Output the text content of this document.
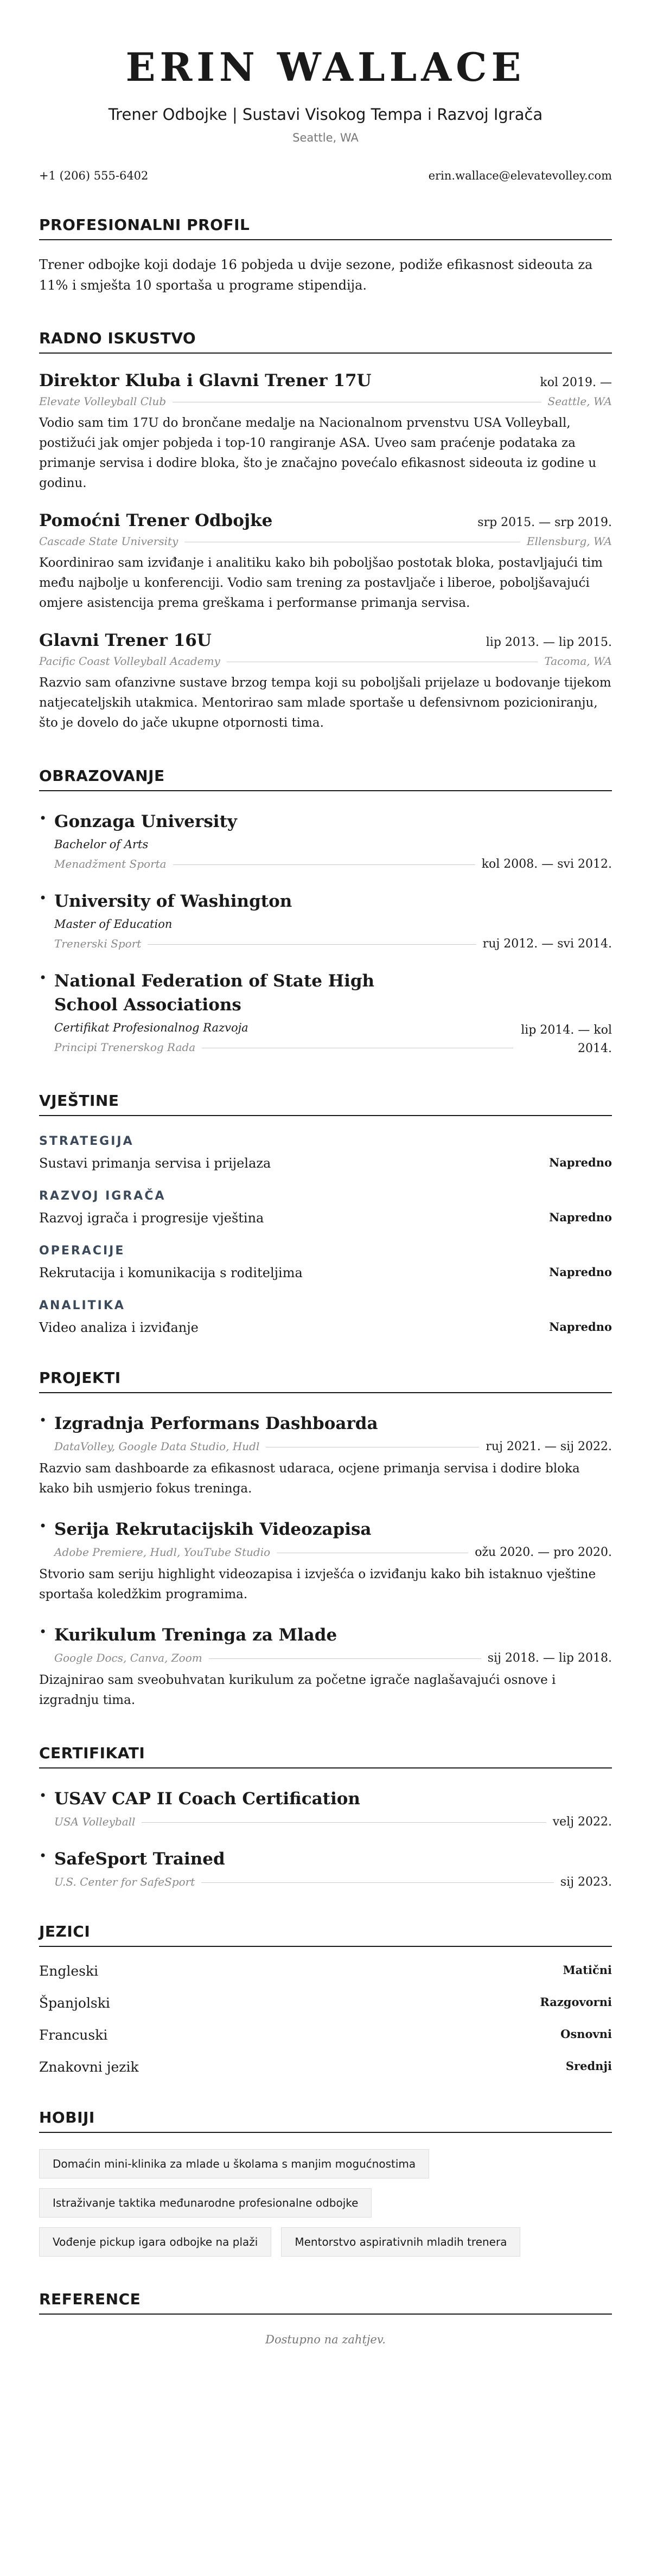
ERIN WALLACE
Trener Odbojke | Sustavi Visokog Tempa i Razvoj Igrača
Seattle, WA
+1 (206) 555-6402	erin.wallace@elevatevolley.com
PROFESIONALNI PROFIL
Trener odbojke koji dodaje 16 pobjeda u dvije sezone, podiže efikasnost sideouta za 11% i smješta 10 sportaša u programe stipendija.
RADNO ISKUSTVO
Direktor Kluba i Glavni Trener 17U	kol 2019. —
Elevate Volleyball Club	Seattle, WA
Vodio sam tim 17U do brončane medalje na Nacionalnom prvenstvu USA Volleyball, postižući jak omjer pobjeda i top-10 rangiranje ASA. Uveo sam praćenje podataka za primanje servisa i dodire bloka, što je značajno povećalo efikasnost sideouta iz godine u godinu.
Pomoćni Trener Odbojke	srp 2015. — srp 2019.
Cascade State University	Ellensburg, WA
Koordinirao sam izviđanje i analitiku kako bih poboljšao postotak bloka, postavljajući tim među najbolje u konferenciji. Vodio sam trening za postavljače i liberoe, poboljšavajući omjere asistencija prema greškama i performanse primanja servisa.
Glavni Trener 16U	lip 2013. — lip 2015.
Pacific Coast Volleyball Academy	Tacoma, WA
Razvio sam ofanzivne sustave brzog tempa koji su poboljšali prijelaze u bodovanje tijekom natjecateljskih utakmica. Mentorirao sam mlade sportaše u defensivnom pozicioniranju, što je dovelo do jače ukupne otpornosti tima.
OBRAZOVANJE
• Gonzaga University
Bachelor of Arts
Menadžment Sporta	kol 2008. — svi 2012.
• University of Washington
Master of Education
Trenerski Sport	ruj 2012. — svi 2014.
• National Federation of State High School Associations
Certifikat Profesionalnog Razvoja
Principi Trenerskog Rada
lip 2014. — kol 2014.
VJEŠTINE
STRATEGIJA
Sustavi primanja servisa i prijelaza	Napredno
RAZVOJ IGRAČA
Razvoj igrača i progresije vještina	Napredno
OPERACIJE
Rekrutacija i komunikacija s roditeljima	Napredno
ANALITIKA
Video analiza i izviđanje	Napredno
PROJEKTI
• Izgradnja Performans Dashboarda
DataVolley, Google Data Studio, Hudl	ruj 2021. — sij 2022.
Razvio sam dashboarde za efikasnost udaraca, ocjene primanja servisa i dodire bloka kako bih usmjerio fokus treninga.
• Serija Rekrutacijskih Videozapisa
Adobe Premiere, Hudl, YouTube Studio	ožu 2020. — pro 2020.
Stvorio sam seriju highlight videozapisa i izvješća o izviđanju kako bih istaknuo vještine sportaša koledžkim programima.
• Kurikulum Treninga za Mlade
Google Docs, Canva, Zoom	sij 2018. — lip 2018.
Dizajnirao sam sveobuhvatan kurikulum za početne igrače naglašavajući osnove i izgradnju tima.
CERTIFIKATI
• USAV CAP II Coach Certification
USA Volleyball	velj 2022.
• SafeSport Trained
U.S. Center for SafeSport	sij 2023.
JEZICI
Engleski	Matični
Španjolski	Razgovorni
Francuski	Osnovni
Znakovni jezik	Srednji
HOBIJI
Domaćin mini-klinika za mlade u školama s manjim mogućnostima
Istraživanje taktika međunarodne profesionalne odbojke
Vođenje pickup igara odbojke na plaži	Mentorstvo aspirativnih mladih trenera
REFERENCE
Dostupno na zahtjev.
